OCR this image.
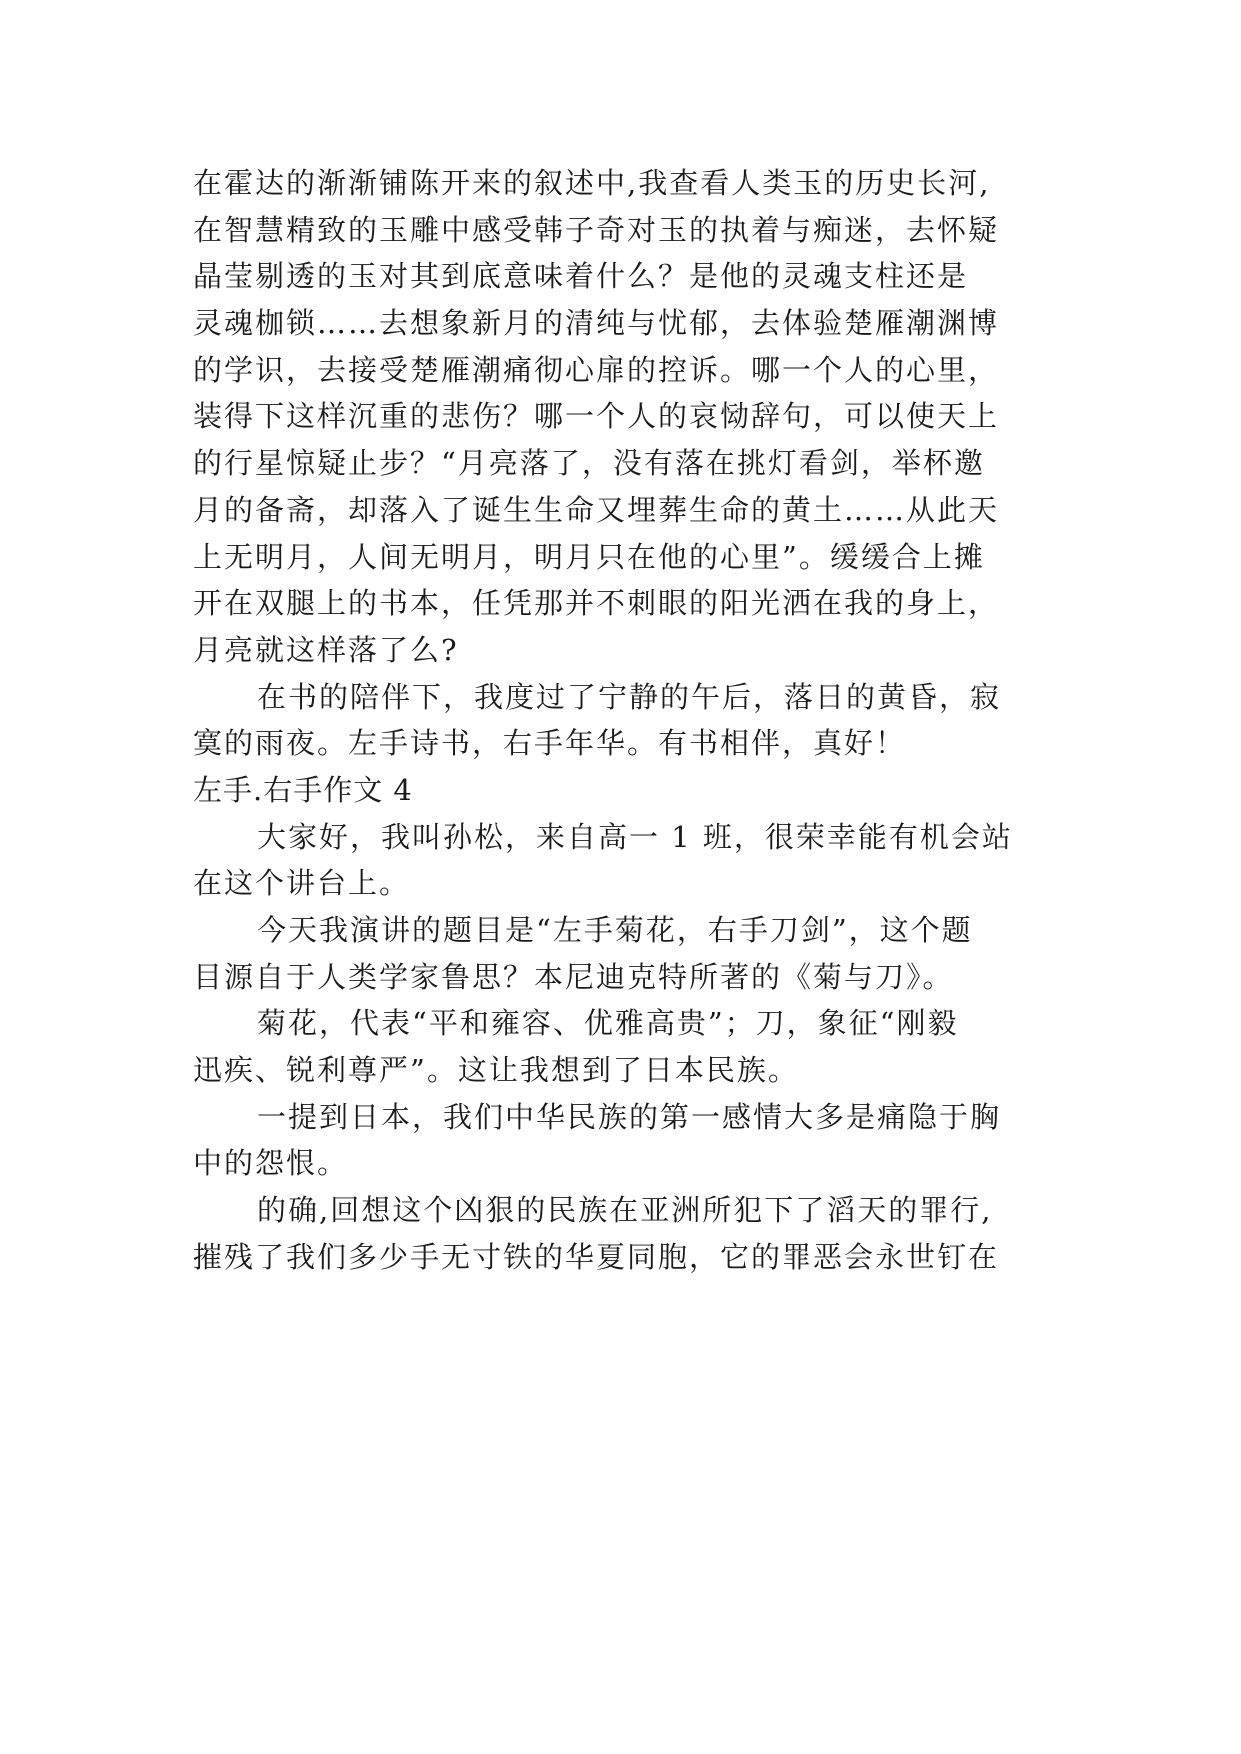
在霍达的渐渐铺陈开来的叙述中,我查看人类玉的历史长河,
在智慧精致的玉雕中感受韩子奇对玉的执着与痴迷，去怀疑
晶莹剔透的玉对其到底意味着什么？是他的灵魂支柱还是
灵魂枷锁……去想象新月的清纯与忧郁，去体验楚雁潮渊博
的学识，去接受楚雁潮痛彻心扉的控诉。哪一个人的心里，
装得下这样沉重的悲伤？哪一个人的哀恸辞句，可以使天上
的行星惊疑止步？“月亮落了，没有落在挑灯看剑，举杯邀
月的备斋，却落入了诞生生命又埋葬生命的黄土……从此天
上无明月，人间无明月，明月只在他的心里”。缓缓合上摊
开在双腿上的书本，任凭那并不刺眼的阳光洒在我的身上，
月亮就这样落了么?
在书的陪伴下，我度过了宁静的午后，落日的黄昏，寂
寞的雨夜。左手诗书，右手年华。有书相伴，真好！
左手.右手作文 4
大家好，我叫孙松，来自高一 1 班，很荣幸能有机会站
在这个讲台上。
今天我演讲的题目是“左手菊花，右手刀剑”，这个题
目源自于人类学家鲁思？本尼迪克特所著的《菊与刀》。
菊花，代表“平和雍容、优雅高贵”；刀，象征“刚毅
迅疾、锐利尊严”。这让我想到了日本民族。
一提到日本，我们中华民族的第一感情大多是痛隐于胸
中的怨恨。
的确,回想这个凶狠的民族在亚洲所犯下了滔天的罪行,
摧残了我们多少手无寸铁的华夏同胞，它的罪恶会永世钉在
